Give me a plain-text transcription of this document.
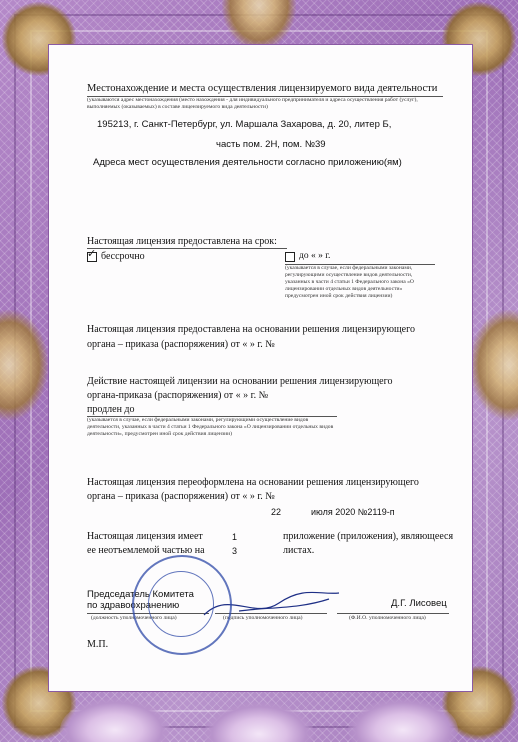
Местонахождение и места осуществления лицензируемого вида деятельности
(указываются адрес местонахождения (место нахождения - для индивидуального предпринимателя и адреса осуществления работ (услуг), выполняемых (оказываемых) в составе лицензируемого вида деятельности)
195213, г. Санкт-Петербург, ул. Маршала Захарова, д. 20, литер Б,
часть пом. 2Н, пом. №39
Адреса мест осуществления деятельности согласно приложению(ям)
Настоящая лицензия предоставлена на срок:
✓ бессрочно	до « » г.
(указывается в случае, если федеральными законами, регулирующими осуществление видов деятельности, указанных в части 4 статьи 1 Федерального закона «О лицензировании отдельных видов деятельности» предусмотрен иной срок действия лицензии)
Настоящая лицензия предоставлена на основании решения лицензирующего
органа – приказа (распоряжения) от « » г. №
Действие настоящей лицензии на основании решения лицензирующего
органа-приказа (распоряжения) от « » г. №
продлен до
(указывается в случае, если федеральными законами, регулирующими осуществление видов деятельности, указанных в части 4 статьи 1 Федерального закона «О лицензировании отдельных видов деятельности», предусмотрен иной срок действия лицензии)
Настоящая лицензия переоформлена на основании решения лицензирующего
органа – приказа (распоряжения) от « » г. №
22	июля 2020 №2119-п
Настоящая лицензия имеет	1	приложение (приложения), являющееся
ее неотъемлемой частью на	3	листах.
Председатель Комитета
по здравоохранению	Д.Г. Лисовец
(должность уполномоченного лица)	(подпись уполномоченного лица)	(Ф.И.О. уполномоченного лица)
М.П.
